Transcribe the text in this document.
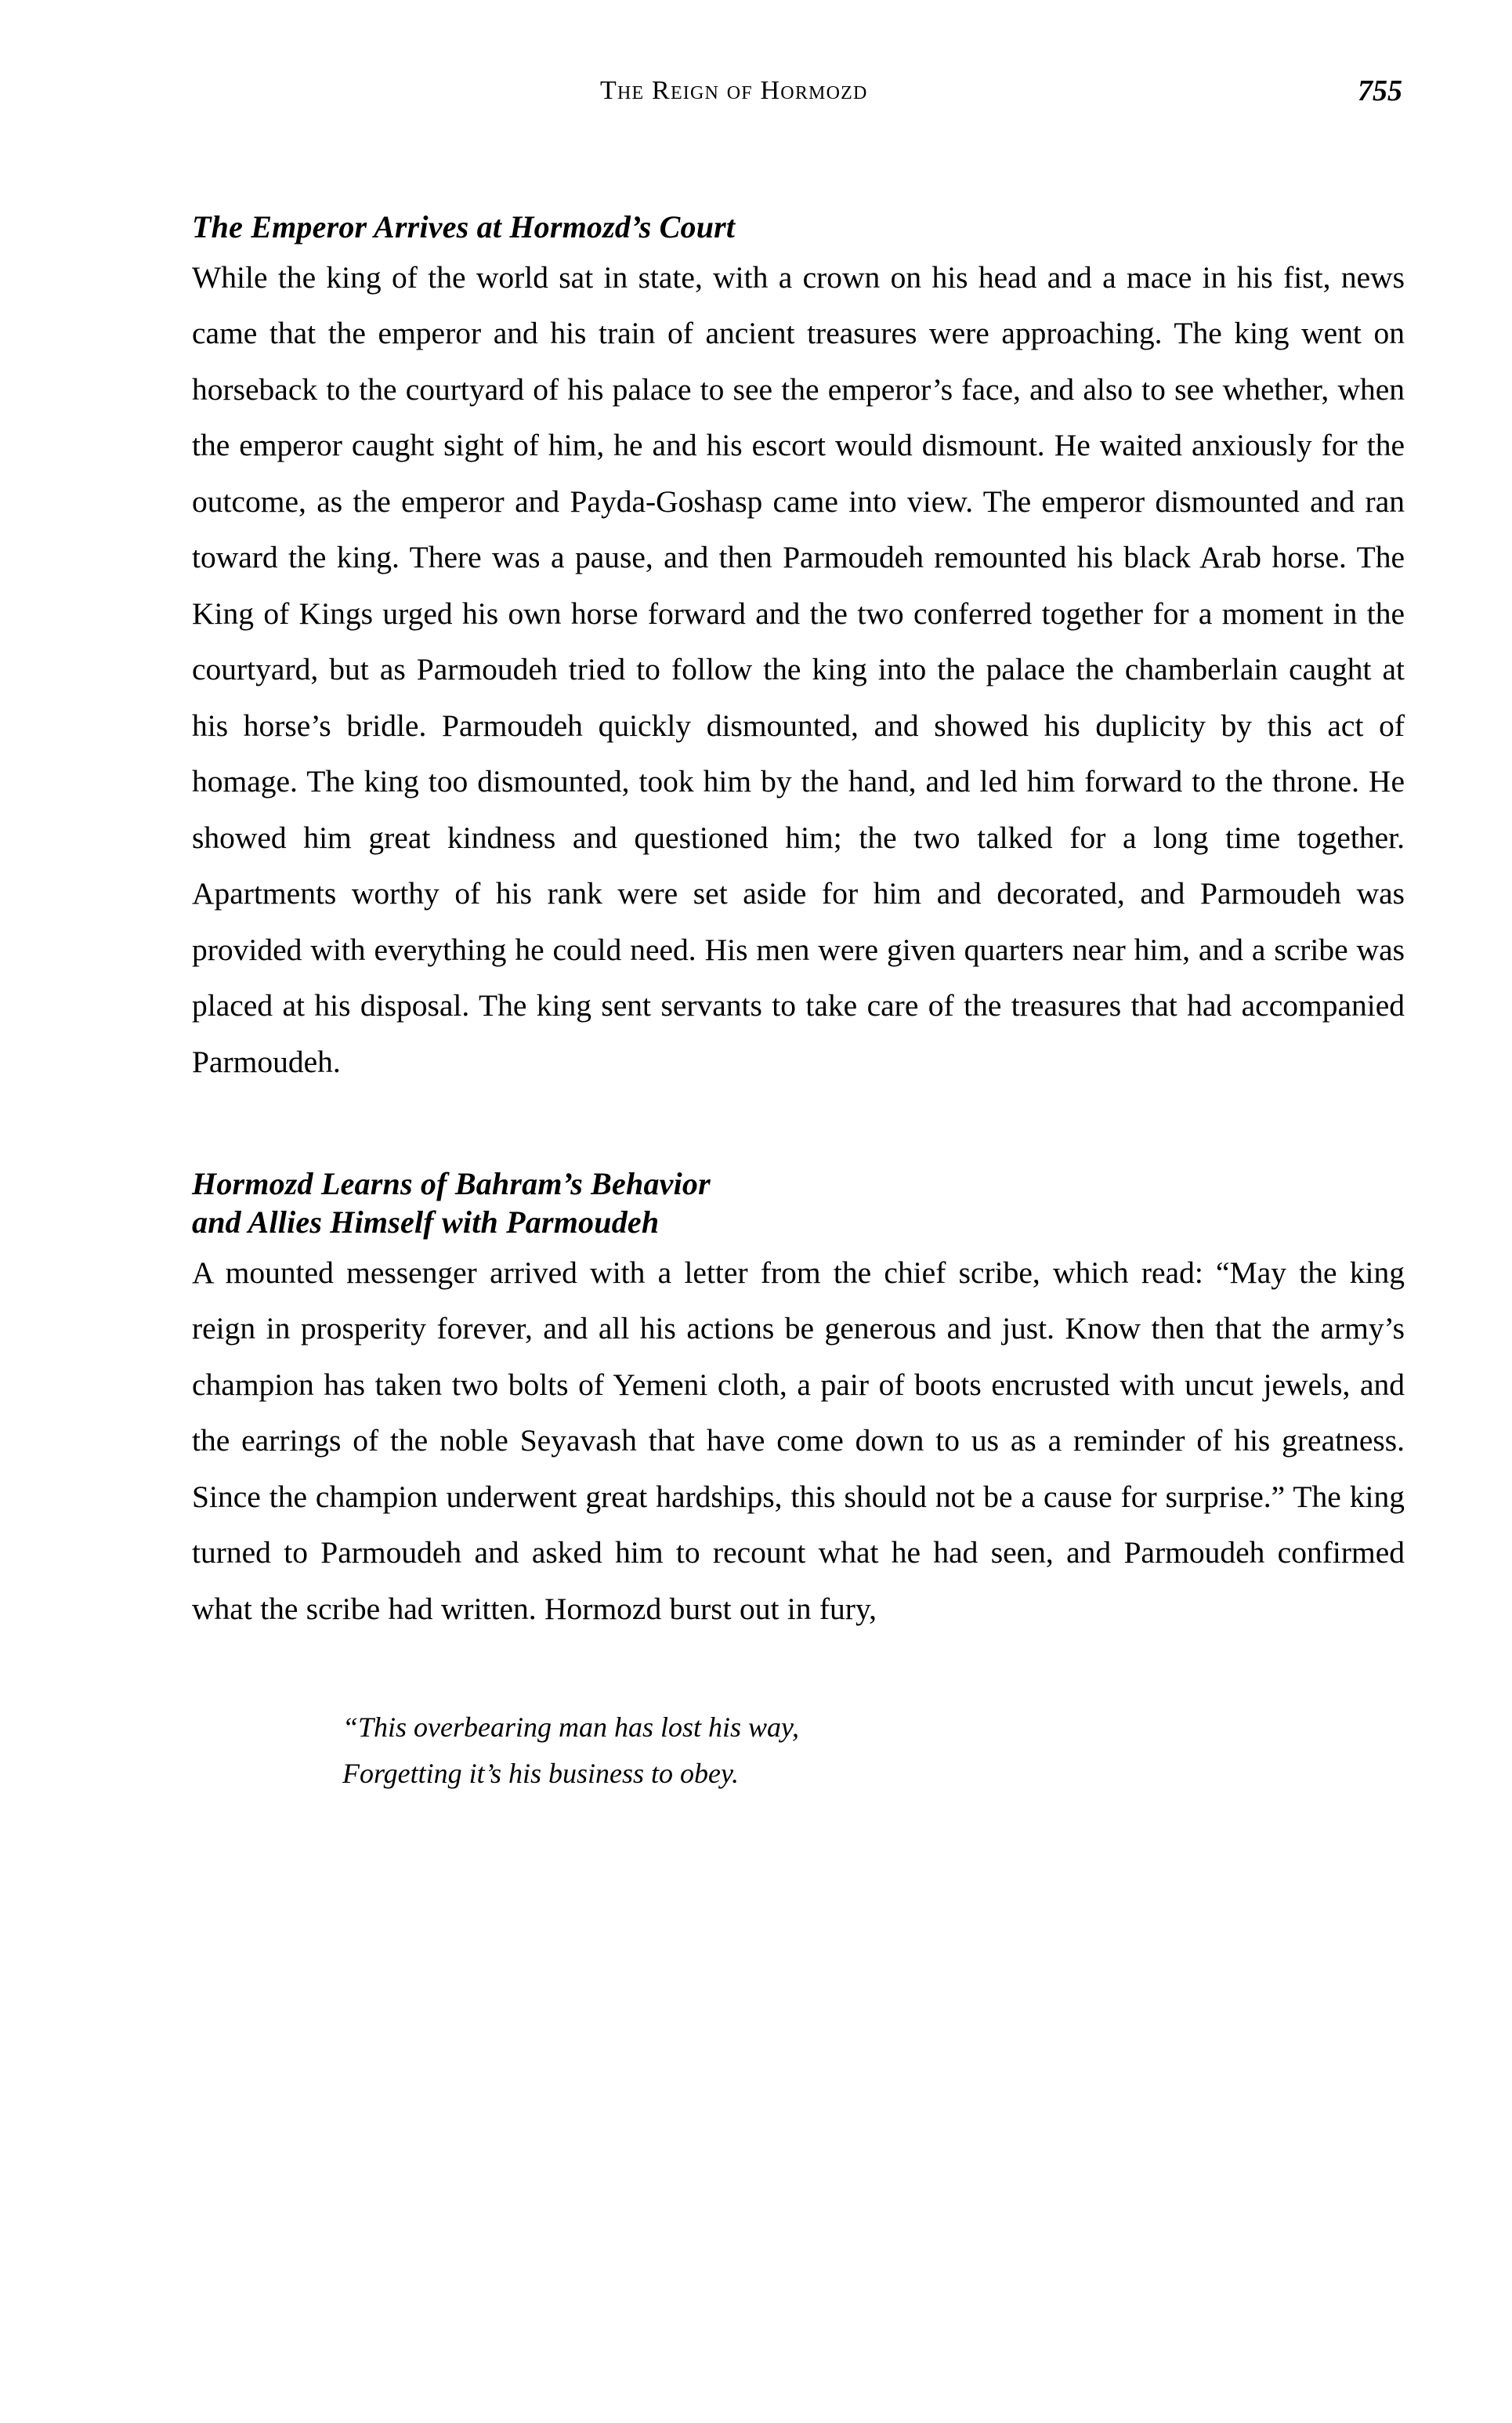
The Reign of Hormozd	755
The Emperor Arrives at Hormozd’s Court

While the king of the world sat in state, with a crown on his head and a mace in his fist, news came that the emperor and his train of ancient treasures were approaching. The king went on horseback to the courtyard of his palace to see the emperor’s face, and also to see whether, when the emperor caught sight of him, he and his escort would dismount. He waited anxiously for the outcome, as the emperor and Payda-Goshasp came into view. The emperor dismounted and ran toward the king. There was a pause, and then Parmoudeh remounted his black Arab horse. The King of Kings urged his own horse forward and the two conferred together for a moment in the courtyard, but as Parmoudeh tried to follow the king into the palace the chamberlain caught at his horse’s bridle. Parmoudeh quickly dismounted, and showed his duplicity by this act of homage. The king too dismounted, took him by the hand, and led him forward to the throne. He showed him great kindness and questioned him; the two talked for a long time together. Apartments worthy of his rank were set aside for him and decorated, and Parmoudeh was provided with everything he could need. His men were given quarters near him, and a scribe was placed at his disposal. The king sent servants to take care of the treasures that had accompanied Parmoudeh.

Hormozd Learns of Bahram’s Behavior
and Allies Himself with Parmoudeh

A mounted messenger arrived with a letter from the chief scribe, which read: “May the king reign in prosperity forever, and all his actions be generous and just. Know then that the army’s champion has taken two bolts of Yemeni cloth, a pair of boots encrusted with uncut jewels, and the earrings of the noble Seyavash that have come down to us as a reminder of his greatness. Since the champion underwent great hardships, this should not be a cause for surprise.” The king turned to Parmoudeh and asked him to recount what he had seen, and Parmoudeh confirmed what the scribe had written. Hormozd burst out in fury,

“This overbearing man has lost his way,
Forgetting it’s his business to obey.
